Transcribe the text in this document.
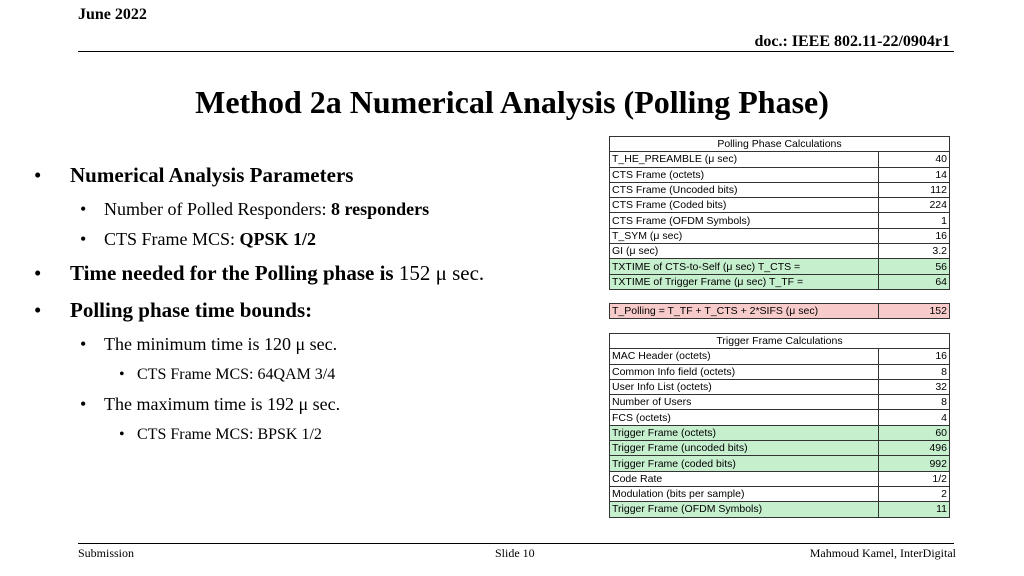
June 2022
doc.: IEEE 802.11-22/0904r1
Method 2a Numerical Analysis (Polling Phase)
• Numerical Analysis Parameters
• Number of Polled Responders: 8 responders
• CTS Frame MCS: QPSK 1/2
• Time needed for the Polling phase is 152 μ sec.
• Polling phase time bounds:
• The minimum time is 120 μ sec.
• CTS Frame MCS: 64QAM 3/4
• The maximum time is 192 μ sec.
• CTS Frame MCS: BPSK 1/2
Polling Phase Calculations	
T_HE_PREAMBLE (μ sec)	40
CTS Frame (octets)	14
CTS Frame (Uncoded bits)	112
CTS Frame (Coded bits)	224
CTS Frame (OFDM Symbols)	1
T_SYM (μ sec)	16
GI (μ sec)	3.2
TXTIME of CTS-to-Self (μ sec) T_CTS =	56
TXTIME of Trigger Frame (μ sec) T_TF =	64
T_Polling = T_TF + T_CTS + 2*SIFS (μ sec)	152
Trigger Frame Calculations	
MAC Header (octets)	16
Common Info field (octets)	8
User Info List (octets)	32
Number of Users	8
FCS (octets)	4
Trigger Frame (octets)	60
Trigger Frame (uncoded bits)	496
Trigger Frame (coded bits)	992
Code Rate	1/2
Modulation (bits per sample)	2
Trigger Frame (OFDM Symbols)	11
Submission	Slide 10	Mahmoud Kamel, InterDigital
